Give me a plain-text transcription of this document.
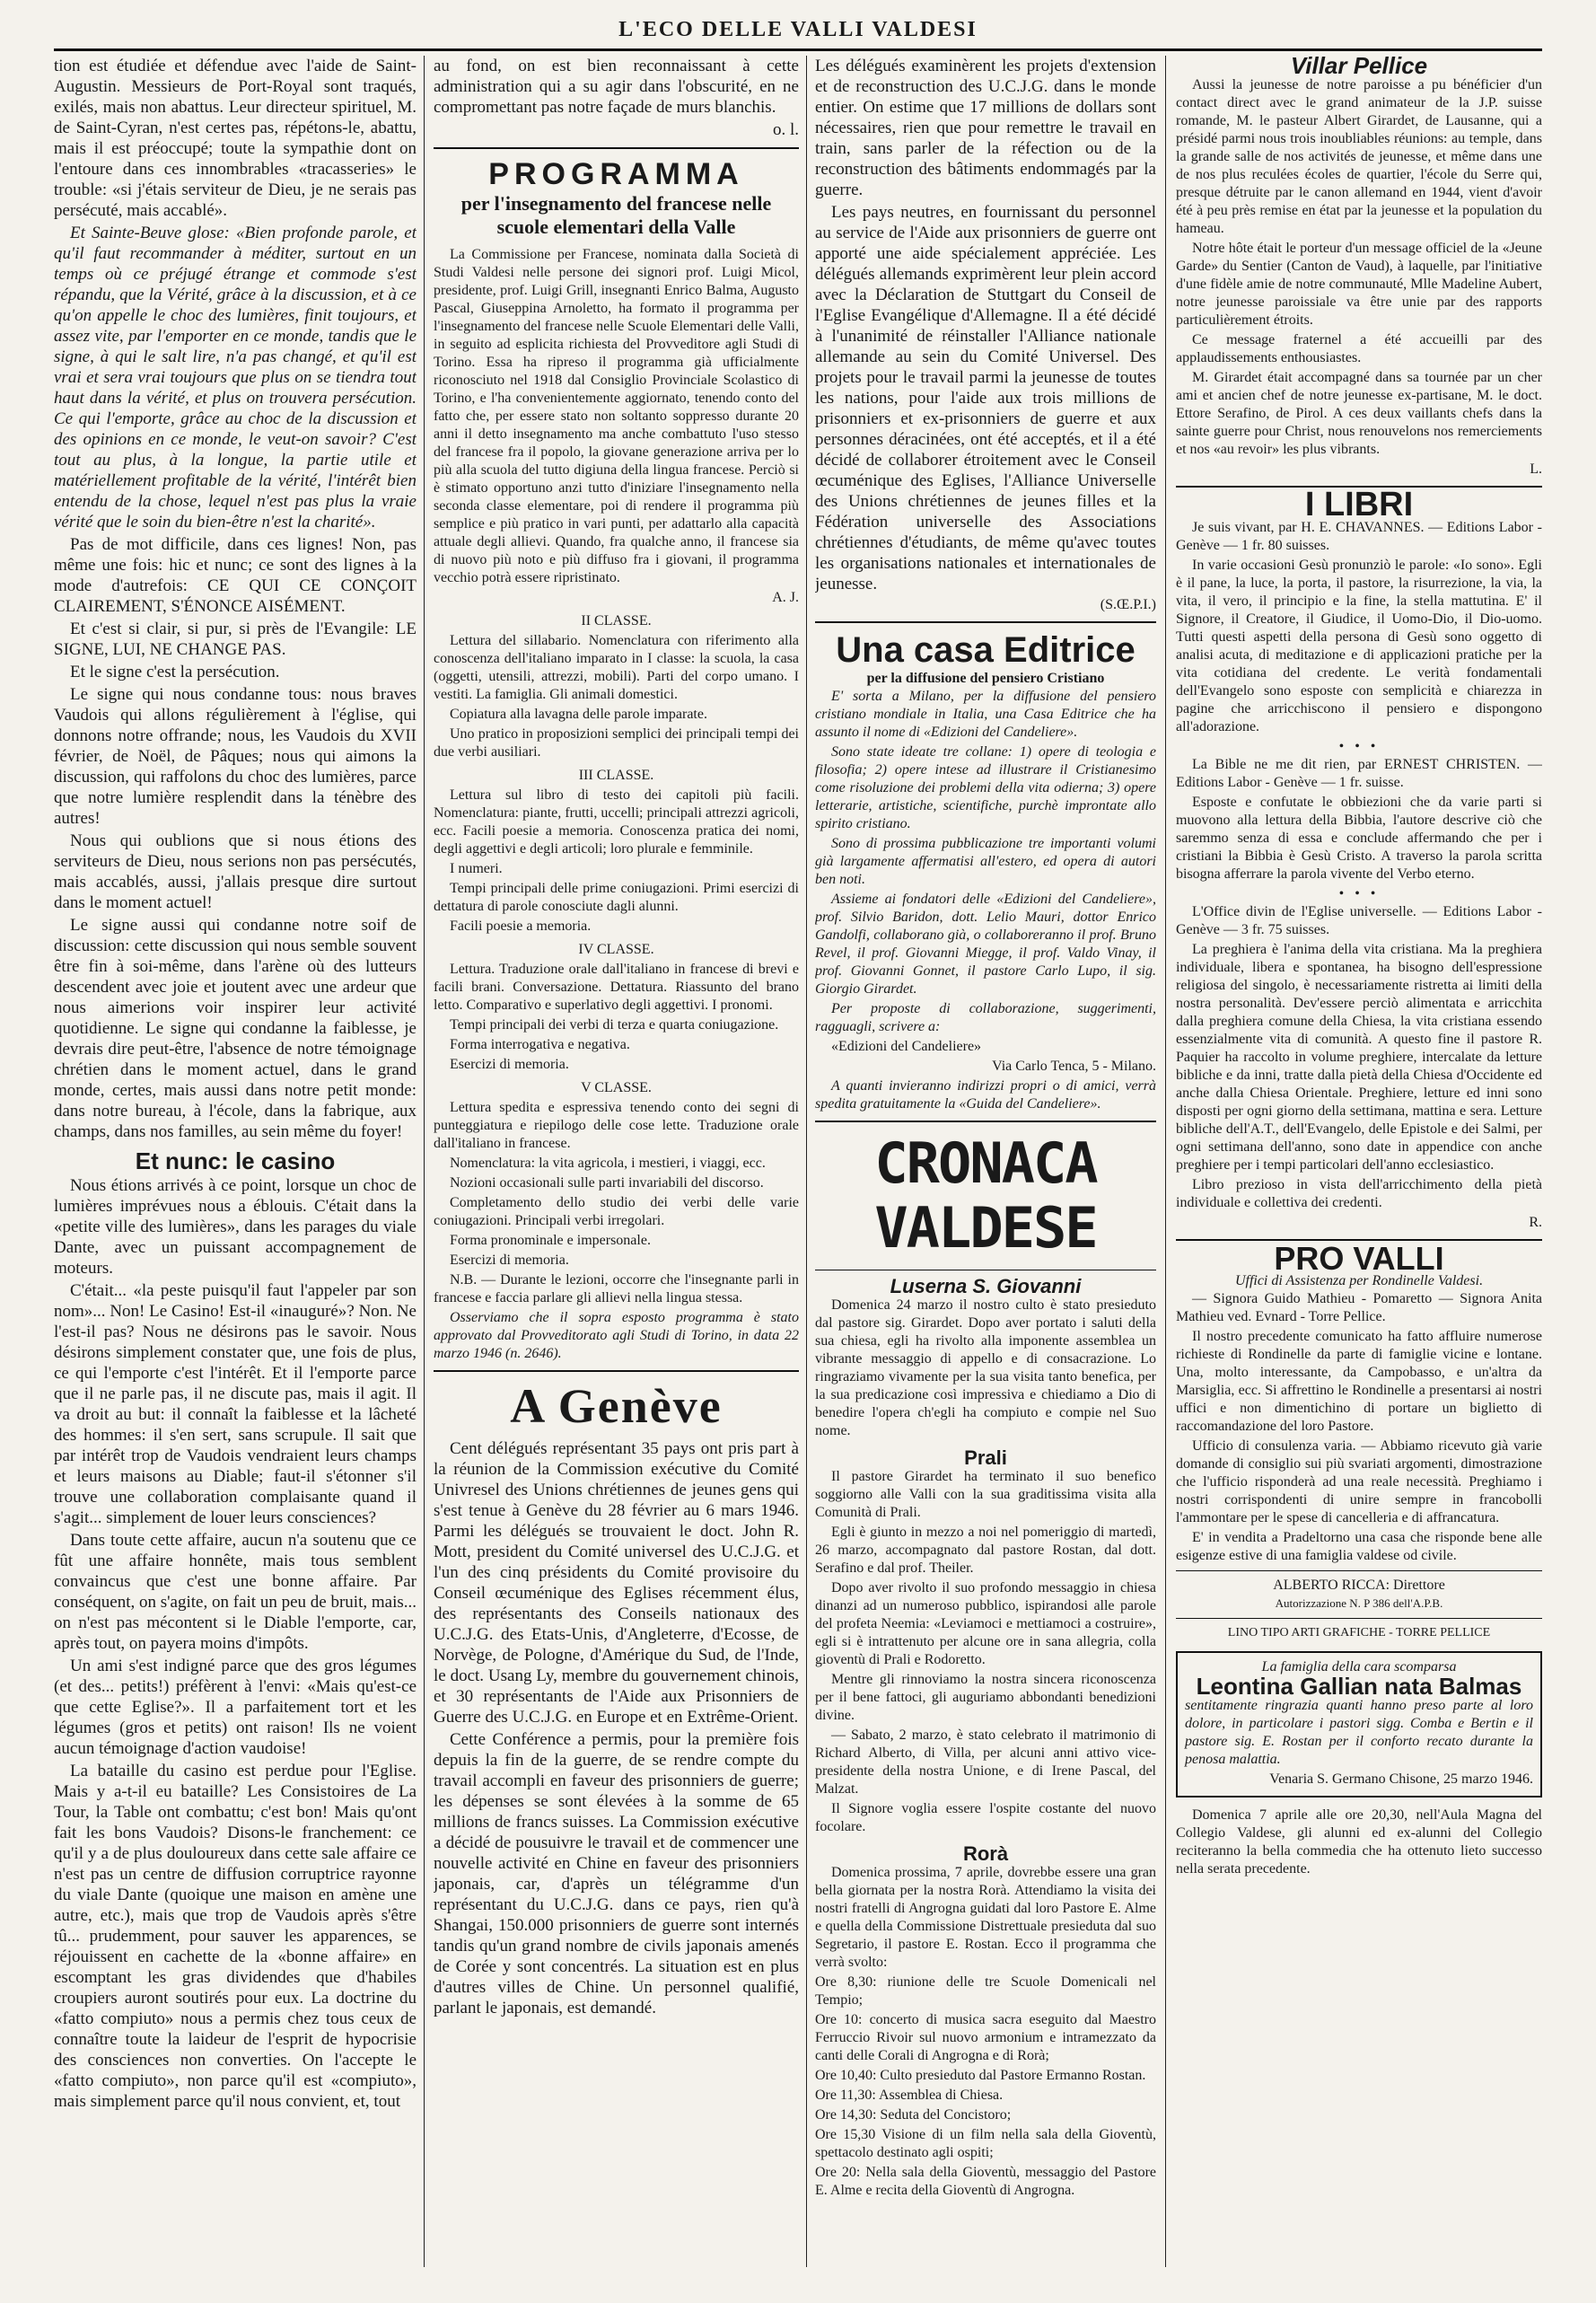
L'ECO DELLE VALLI VALDESI

tion est étudiée et défendue avec l'aide de Saint-Augustin. Messieurs de Port-Royal sont traqués, exilés, mais non abattus. Leur directeur spirituel, M. de Saint-Cyran, n'est certes pas, répétons-le, abattu, mais il est préoccupé; toute la sympathie dont on l'entoure dans ces innombrables «tracasseries» le trouble: «si j'étais serviteur de Dieu, je ne serais pas persécuté, mais accablé».

Et Sainte-Beuve glose: «Bien profonde parole, et qu'il faut recommander à méditer, surtout en un temps où ce préjugé étrange et commode s'est répandu, que la Vérité, grâce à la discussion, et à ce qu'on appelle le choc des lumières, finit toujours, et assez vite, par l'emporter en ce monde, tandis que le signe, à qui le salt lire, n'a pas changé, et qu'il est vrai et sera vrai toujours que plus on se tiendra tout haut dans la vérité, et plus on trouvera persécution. Ce qui l'emporte, grâce au choc de la discussion et des opinions en ce monde, le veut-on savoir? C'est tout au plus, à la longue, la partie utile et matériellement profitable de la vérité, l'intérêt bien entendu de la chose, lequel n'est pas plus la vraie vérité que le soin du bien-être n'est la charité».

Pas de mot difficile, dans ces lignes! Non, pas même une fois: hic et nunc; ce sont des lignes à la mode d'autrefois: CE QUI CE CONÇOIT CLAIREMENT, S'ÉNONCE AISÉMENT.

Et c'est si clair, si pur, si près de l'Evangile: LE SIGNE, LUI, NE CHANGE PAS.

Et le signe c'est la persécution.

Le signe qui nous condanne tous: nous braves Vaudois qui allons régulièrement à l'église, qui donnons notre offrande; nous, les Vaudois du XVII février, de Noël, de Pâques; nous qui aimons la discussion, qui raffolons du choc des lumières, parce que notre lumière resplendit dans la ténèbre des autres!

Nous qui oublions que si nous étions des serviteurs de Dieu, nous serions non pas persécutés, mais accablés, aussi, j'allais presque dire surtout dans le moment actuel!

Le signe aussi qui condanne notre soif de discussion: cette discussion qui nous semble souvent être fin à soi-même, dans l'arène où des lutteurs descendent avec joie et joutent avec une ardeur que nous aimerions voir inspirer leur activité quotidienne. Le signe qui condanne la faiblesse, je devrais dire peut-être, l'absence de notre témoignage chrétien dans le moment actuel, dans le grand monde, certes, mais aussi dans notre petit monde: dans notre bureau, à l'école, dans la fabrique, aux champs, dans nos familles, au sein même du foyer!

Et nunc: le casino

Nous étions arrivés à ce point, lorsque un choc de lumières imprévues nous a éblouis. C'était dans la «petite ville des lumières», dans les parages du viale Dante, avec un puissant accompagnement de moteurs.

C'était... «la peste puisqu'il faut l'appeler par son nom»... Non! Le Casino! Est-il «inauguré»? Non. Ne l'est-il pas? Nous ne désirons pas le savoir. Nous désirons simplement constater que, une fois de plus, ce qui l'emporte c'est l'intérêt. Et il l'emporte parce que il ne parle pas, il ne discute pas, mais il agit. Il va droit au but: il connaît la faiblesse et la lâcheté des hommes: il s'en sert, sans scrupule. Il sait que par intérêt trop de Vaudois vendraient leurs champs et leurs maisons au Diable; faut-il s'étonner s'il trouve une collaboration complaisante quand il s'agit... simplement de louer leurs consciences?

Dans toute cette affaire, aucun n'a soutenu que ce fût une affaire honnête, mais tous semblent convaincus que c'est une bonne affaire. Par conséquent, on s'agite, on fait un peu de bruit, mais... on n'est pas mécontent si le Diable l'emporte, car, après tout, on payera moins d'impôts.

Un ami s'est indigné parce que des gros légumes (et des... petits!) préfèrent à l'envi: «Mais qu'est-ce que cette Eglise?». Il a parfaitement tort et les légumes (gros et petits) ont raison! Ils ne voient aucun témoignage d'action vaudoise!

La bataille du casino est perdue pour l'Eglise. Mais y a-t-il eu bataille? Les Consistoires de La Tour, la Table ont combattu; c'est bon! Mais qu'ont fait les bons Vaudois? Disons-le franchement: ce qu'il y a de plus douloureux dans cette sale affaire ce n'est pas un centre de diffusion corruptrice rayonne du viale Dante (quoique une maison en amène une autre, etc.), mais que trop de Vaudois après s'être tû... prudemment, pour sauver les apparences, se réjouissent en cachette de la «bonne affaire» en escomptant les gras dividendes que d'habiles croupiers auront soutirés pour eux. La doctrine du «fatto compiuto» nous a permis chez tous ceux de connaître toute la laideur de l'esprit de hypocrisie des consciences non converties. On l'accepte le «fatto compiuto», non parce qu'il est «compiuto», mais simplement parce qu'il nous convient, et, tout

au fond, on est bien reconnaissant à cette administration qui a su agir dans l'obscurité, en ne compromettant pas notre façade de murs blanchis.

o. l.
PROGRAMMA
per l'insegnamento del francese nelle scuole elementari della Valle

La Commissione per Francese, nominata dalla Società di Studi Valdesi nelle persone dei signori prof. Luigi Micol, presidente, prof. Luigi Grill, insegnanti Enrico Balma, Augusto Pascal, Giuseppina Arnoletto, ha formato il programma per l'insegnamento del francese nelle Scuole Elementari delle Valli, in seguito ad esplicita richiesta del Provveditore agli Studi di Torino. Essa ha ripreso il programma già ufficialmente riconosciuto nel 1918 dal Consiglio Provinciale Scolastico di Torino, e l'ha convenientemente aggiornato, tenendo conto del fatto che, per essere stato non soltanto soppresso durante 20 anni il detto insegnamento ma anche combattuto l'uso stesso del francese fra il popolo, la giovane generazione arriva per lo più alla scuola del tutto digiuna della lingua francese. Perciò si è stimato opportuno anzi tutto d'iniziare l'insegnamento nella seconda classe elementare, poi di rendere il programma più semplice e più pratico in vari punti, per adattarlo alla capacità attuale degli allievi. Quando, fra qualche anno, il francese sia di nuovo più noto e più diffuso fra i giovani, il programma vecchio potrà essere ripristinato.

A. J.
II CLASSE.

Lettura del sillabario. Nomenclatura con riferimento alla conoscenza dell'italiano imparato in I classe: la scuola, la casa (oggetti, utensili, attrezzi, mobili). Parti del corpo umano. I vestiti. La famiglia. Gli animali domestici.

Copiatura alla lavagna delle parole imparate.

Uno pratico in proposizioni semplici dei principali tempi dei due verbi ausiliari.

III CLASSE.

Lettura sul libro di testo dei capitoli più facili. Nomenclatura: piante, frutti, uccelli; principali attrezzi agricoli, ecc. Facili poesie a memoria. Conoscenza pratica dei nomi, degli aggettivi e degli articoli; loro plurale e femminile.

I numeri.

Tempi principali delle prime coniugazioni. Primi esercizi di dettatura di parole conosciute dagli alunni.

Facili poesie a memoria.

IV CLASSE.

Lettura. Traduzione orale dall'italiano in francese di brevi e facili brani. Conversazione. Dettatura. Riassunto del brano letto. Comparativo e superlativo degli aggettivi. I pronomi.

Tempi principali dei verbi di terza e quarta coniugazione.

Forma interrogativa e negativa.

Esercizi di memoria.

V CLASSE.

Lettura spedita e espressiva tenendo conto dei segni di punteggiatura e riepilogo delle cose lette. Traduzione orale dall'italiano in francese.

Nomenclatura: la vita agricola, i mestieri, i viaggi, ecc.

Nozioni occasionali sulle parti invariabili del discorso.

Completamento dello studio dei verbi delle varie coniugazioni. Principali verbi irregolari.

Forma pronominale e impersonale.

Esercizi di memoria.

N.B. — Durante le lezioni, occorre che l'insegnante parli in francese e faccia parlare gli allievi nella lingua stessa.

Osserviamo che il sopra esposto programma è stato approvato dal Provveditorato agli Studi di Torino, in data 22 marzo 1946 (n. 2646).

A Genève

Cent délégués représentant 35 pays ont pris part à la réunion de la Commission exécutive du Comité Univresel des Unions chrétiennes de jeunes gens qui s'est tenue à Genève du 28 février au 6 mars 1946. Parmi les délégués se trouvaient le doct. John R. Mott, president du Comité universel des U.C.J.G. et l'un des cinq présidents du Comité provisoire du Conseil œcuménique des Eglises récemment élus, des représentants des Conseils nationaux des U.C.J.G. des Etats-Unis, d'Angleterre, d'Ecosse, de Norvège, de Pologne, d'Amérique du Sud, de l'Inde, le doct. Usang Ly, membre du gouvernement chinois, et 30 représentants de l'Aide aux Prisonniers de Guerre des U.C.J.G. en Europe et en Extrême-Orient.

Cette Conférence a permis, pour la première fois depuis la fin de la guerre, de se rendre compte du travail accompli en faveur des prisonniers de guerre; les dépenses se sont élevées à la somme de 65 millions de francs suisses. La Commission exécutive a décidé de pousuivre le travail et de commencer une nouvelle activité en Chine en faveur des prisonniers japonais, car, d'après un télégramme d'un représentant du U.C.J.G. dans ce pays, rien qu'à Shangai, 150.000 prisonniers de guerre sont internés tandis qu'un grand nombre de civils japonais amenés de Corée y sont concentrés. La situation est en plus d'autres villes de Chine. Un personnel qualifié, parlant le japonais, est demandé.

Les délégués examinèrent les projets d'extension et de reconstruction des U.C.J.G. dans le monde entier. On estime que 17 millions de dollars sont nécessaires, rien que pour remettre le travail en train, sans parler de la réfection ou de la reconstruction des bâtiments endommagés par la guerre.

Les pays neutres, en fournissant du personnel au service de l'Aide aux prisonniers de guerre ont apporté une aide spécialement appréciée. Les délégués allemands exprimèrent leur plein accord avec la Déclaration de Stuttgart du Conseil de l'Eglise Evangélique d'Allemagne. Il a été décidé à l'unanimité de réinstaller l'Alliance nationale allemande au sein du Comité Universel. Des projets pour le travail parmi la jeunesse de toutes les nations, pour l'aide aux trois millions de prisonniers et ex-prisonniers de guerre et aux personnes déracinées, ont été acceptés, et il a été décidé de collaborer étroitement avec le Conseil œcuménique des Eglises, l'Alliance Universelle des Unions chrétiennes de jeunes filles et la Fédération universelle des Associations chrétiennes d'étudiants, de même qu'avec toutes les organisations nationales et internationales de jeunesse.

(S.Œ.P.I.)
Una casa Editrice
per la diffusione del pensiero Cristiano

E' sorta a Milano, per la diffusione del pensiero cristiano mondiale in Italia, una Casa Editrice che ha assunto il nome di «Edizioni del Candeliere».

Sono state ideate tre collane: 1) opere di teologia e filosofia; 2) opere intese ad illustrare il Cristianesimo come risoluzione dei problemi della vita odierna; 3) opere letterarie, artistiche, scientifiche, purchè improntate allo spirito cristiano.

Sono di prossima pubblicazione tre importanti volumi già largamente affermatisi all'estero, ed opera di autori ben noti.

Assieme ai fondatori delle «Edizioni del Candeliere», prof. Silvio Baridon, dott. Lelio Mauri, dottor Enrico Gandolfi, collaborano già, o collaboreranno il prof. Bruno Revel, il prof. Giovanni Miegge, il prof. Valdo Vinay, il prof. Giovanni Gonnet, il pastore Carlo Lupo, il sig. Giorgio Girardet.

Per proposte di collaborazione, suggerimenti, ragguagli, scrivere a:

«Edizioni del Candeliere»

Via Carlo Tenca, 5 - Milano.

A quanti invieranno indirizzi propri o di amici, verrà spedita gratuitamente la «Guida del Candeliere».

CRONACA VALDESE
Luserna S. Giovanni

Domenica 24 marzo il nostro culto è stato presieduto dal pastore sig. Girardet. Dopo aver portato i saluti della sua chiesa, egli ha rivolto alla imponente assemblea un vibrante messaggio di appello e di consacrazione. Lo ringraziamo vivamente per la sua visita tanto benefica, per la sua predicazione così impressiva e chiediamo a Dio di benedire l'opera ch'egli ha compiuto e compie nel Suo nome.

Prali

Il pastore Girardet ha terminato il suo benefico soggiorno alle Valli con la sua graditissima visita alla Comunità di Prali.

Egli è giunto in mezzo a noi nel pomeriggio di martedì, 26 marzo, accompagnato dal pastore Rostan, dal dott. Serafino e dal prof. Theiler.

Dopo aver rivolto il suo profondo messaggio in chiesa dinanzi ad un numeroso pubblico, ispirandosi alle parole del profeta Neemia: «Leviamoci e mettiamoci a costruire», egli si è intrattenuto per alcune ore in sana allegria, colla gioventù di Prali e Rodoretto.

Mentre gli rinnoviamo la nostra sincera riconoscenza per il bene fattoci, gli auguriamo abbondanti benedizioni divine.

— Sabato, 2 marzo, è stato celebrato il matrimonio di Richard Alberto, di Villa, per alcuni anni attivo vice-presidente della nostra Unione, e di Irene Pascal, del Malzat.

Il Signore voglia essere l'ospite costante del nuovo focolare.

Rorà

Domenica prossima, 7 aprile, dovrebbe essere una gran bella giornata per la nostra Rorà. Attendiamo la visita dei nostri fratelli di Angrogna guidati dal loro Pastore E. Alme e quella della Commissione Distrettuale presieduta dal suo Segretario, il pastore E. Rostan. Ecco il programma che verrà svolto:

Ore 8,30: riunione delle tre Scuole Domenicali nel Tempio;

Ore 10: concerto di musica sacra eseguito dal Maestro Ferruccio Rivoir sul nuovo armonium e intramezzato da canti delle Corali di Angrogna e di Rorà;

Ore 10,40: Culto presieduto dal Pastore Ermanno Rostan.

Ore 11,30: Assemblea di Chiesa.

Ore 14,30: Seduta del Concistoro;

Ore 15,30 Visione di un film nella sala della Gioventù, spettacolo destinato agli ospiti;

Ore 20: Nella sala della Gioventù, messaggio del Pastore E. Alme e recita della Gioventù di Angrogna.

Villar Pellice

Aussi la jeunesse de notre paroisse a pu bénéficier d'un contact direct avec le grand animateur de la J.P. suisse romande, M. le pasteur Albert Girardet, de Lausanne, qui a présidé parmi nous trois inoubliables réunions: au temple, dans la grande salle de nos activités de jeunesse, et même dans une de nos plus reculées écoles de quartier, l'école du Serre qui, presque détruite par le canon allemand en 1944, vient d'avoir été à peu près remise en état par la jeunesse et la population du hameau.

Notre hôte était le porteur d'un message officiel de la «Jeune Garde» du Sentier (Canton de Vaud), à laquelle, par l'initiative d'une fidèle amie de notre communauté, Mlle Madeline Aubert, notre jeunesse paroissiale va être unie par des rapports particulièrement étroits.

Ce message fraternel a été accueilli par des applaudissements enthousiastes.

M. Girardet était accompagné dans sa tournée par un cher ami et ancien chef de notre jeunesse ex-partisane, M. le doct. Ettore Serafino, de Pirol. A ces deux vaillants chefs dans la sainte guerre pour Christ, nous renouvelons nos remerciements et nos «au revoir» les plus vibrants.

L.
I LIBRI

Je suis vivant, par H. E. CHAVANNES. — Editions Labor - Genève — 1 fr. 80 suisses.

In varie occasioni Gesù pronunziò le parole: «Io sono». Egli è il pane, la luce, la porta, il pastore, la risurrezione, la via, la vita, il vero, il principio e la fine, la stella mattutina. E' il Signore, il Creatore, il Giudice, il Uomo-Dio, il Dio-uomo. Tutti questi aspetti della persona di Gesù sono oggetto di analisi acuta, di meditazione e di applicazioni pratiche per la vita cotidiana del credente. Le verità fondamentali dell'Evangelo sono esposte con semplicità e chiarezza in pagine che arricchiscono il pensiero e dispongono all'adorazione.

• • •

La Bible ne me dit rien, par ERNEST CHRISTEN. — Editions Labor - Genève — 1 fr. suisse.

Esposte e confutate le obbiezioni che da varie parti si muovono alla lettura della Bibbia, l'autore descrive ciò che saremmo senza di essa e conclude affermando che per i cristiani la Bibbia è Gesù Cristo. A traverso la parola scritta bisogna afferrare la parola vivente del Verbo eterno.

• • •

L'Office divin de l'Eglise universelle. — Editions Labor - Genève — 3 fr. 75 suisses.

La preghiera è l'anima della vita cristiana. Ma la preghiera individuale, libera e spontanea, ha bisogno dell'espressione religiosa del singolo, è necessariamente ristretta ai limiti della nostra personalità. Dev'essere perciò alimentata e arricchita dalla preghiera comune della Chiesa, la vita cristiana essendo essenzialmente vita di comunità. A questo fine il pastore R. Paquier ha raccolto in volume preghiere, intercalate da letture bibliche e da inni, tratte dalla pietà della Chiesa d'Occidente ed anche dalla Chiesa Orientale. Preghiere, letture ed inni sono disposti per ogni giorno della settimana, mattina e sera. Letture bibliche dell'A.T., dell'Evangelo, delle Epistole e dei Salmi, per ogni settimana dell'anno, sono date in appendice con anche preghiere per i tempi particolari dell'anno ecclesiastico.

Libro prezioso in vista dell'arricchimento della pietà individuale e collettiva dei credenti.

R.
PRO VALLI
Uffici di Assistenza per Rondinelle Valdesi.

— Signora Guido Mathieu - Pomaretto — Signora Anita Mathieu ved. Evnard - Torre Pellice.

Il nostro precedente comunicato ha fatto affluire numerose richieste di Rondinelle da parte di famiglie vicine e lontane. Una, molto interessante, da Campobasso, e un'altra da Marsiglia, ecc. Si affrettino le Rondinelle a presentarsi ai nostri uffici e non dimentichino di portare un biglietto di raccomandazione del loro Pastore.

Ufficio di consulenza varia. — Abbiamo ricevuto già varie domande di consiglio sui più svariati argomenti, dimostrazione che l'ufficio risponderà ad una reale necessità. Preghiamo i nostri corrispondenti di unire sempre in francobolli l'ammontare per le spese di cancelleria e di affrancatura.

E' in vendita a Pradeltorno una casa che risponde bene alle esigenze estive di una famiglia valdese od civile.

ALBERTO RICCA: Direttore
Autorizzazione N. P 386 dell'A.P.B.
LINO TIPO ARTI GRAFICHE - TORRE PELLICE
La famiglia della cara scomparsa
Leontina Gallian nata Balmas

sentitamente ringrazia quanti hanno preso parte al loro dolore, in particolare i pastori sigg. Comba e Bertin e il pastore sig. E. Rostan per il conforto recato durante la penosa malattia.

Venaria S. Germano Chisone, 25 marzo 1946.

Domenica 7 aprile alle ore 20,30, nell'Aula Magna del Collegio Valdese, gli alunni ed ex-alunni del Collegio reciteranno la bella commedia che ha ottenuto lieto successo nella serata precedente.
